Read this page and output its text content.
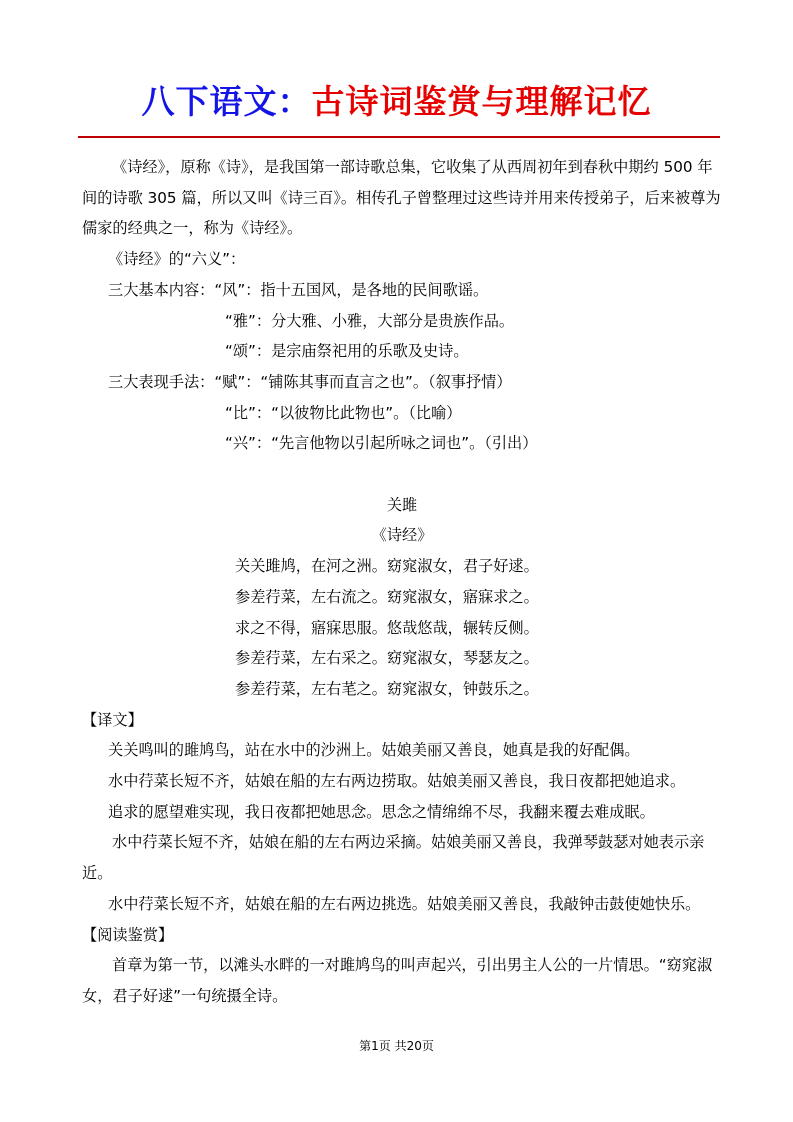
八下语文：古诗词鉴赏与理解记忆

《诗经》，原称《诗》，是我国第一部诗歌总集，它收集了从西周初年到春秋中期约 500 年间的诗歌 305 篇，所以又叫《诗三百》。相传孔子曾整理过这些诗并用来传授弟子，后来被尊为儒家的经典之一，称为《诗经》。

《诗经》的“六义”：

三大基本内容：“风”：指十五国风，是各地的民间歌谣。

“雅”：分大雅、小雅，大部分是贵族作品。

“颂”：是宗庙祭祀用的乐歌及史诗。

三大表现手法：“赋”：“铺陈其事而直言之也”。（叙事抒情）

“比”：“以彼物比此物也”。（比喻）

“兴”：“先言他物以引起所咏之词也”。（引出）

关雎

《诗经》

关关雎鸠，在河之洲。窈窕淑女，君子好逑。

参差荇菜，左右流之。窈窕淑女，寤寐求之。

求之不得，寤寐思服。悠哉悠哉，辗转反侧。

参差荇菜，左右采之。窈窕淑女，琴瑟友之。

参差荇菜，左右芼之。窈窕淑女，钟鼓乐之。

【译文】

关关鸣叫的雎鸠鸟，站在水中的沙洲上。姑娘美丽又善良，她真是我的好配偶。

水中荇菜长短不齐，姑娘在船的左右两边捞取。姑娘美丽又善良，我日夜都把她追求。

追求的愿望难实现，我日夜都把她思念。思念之情绵绵不尽，我翻来覆去难成眠。

水中荇菜长短不齐，姑娘在船的左右两边采摘。姑娘美丽又善良，我弹琴鼓瑟对她表示亲近。

水中荇菜长短不齐，姑娘在船的左右两边挑选。姑娘美丽又善良，我敲钟击鼓使她快乐。

【阅读鉴赏】

首章为第一节，以滩头水畔的一对雎鸠鸟的叫声起兴，引出男主人公的一片情思。“窈窕淑女，君子好逑”一句统摄全诗。

第1页 共20页
